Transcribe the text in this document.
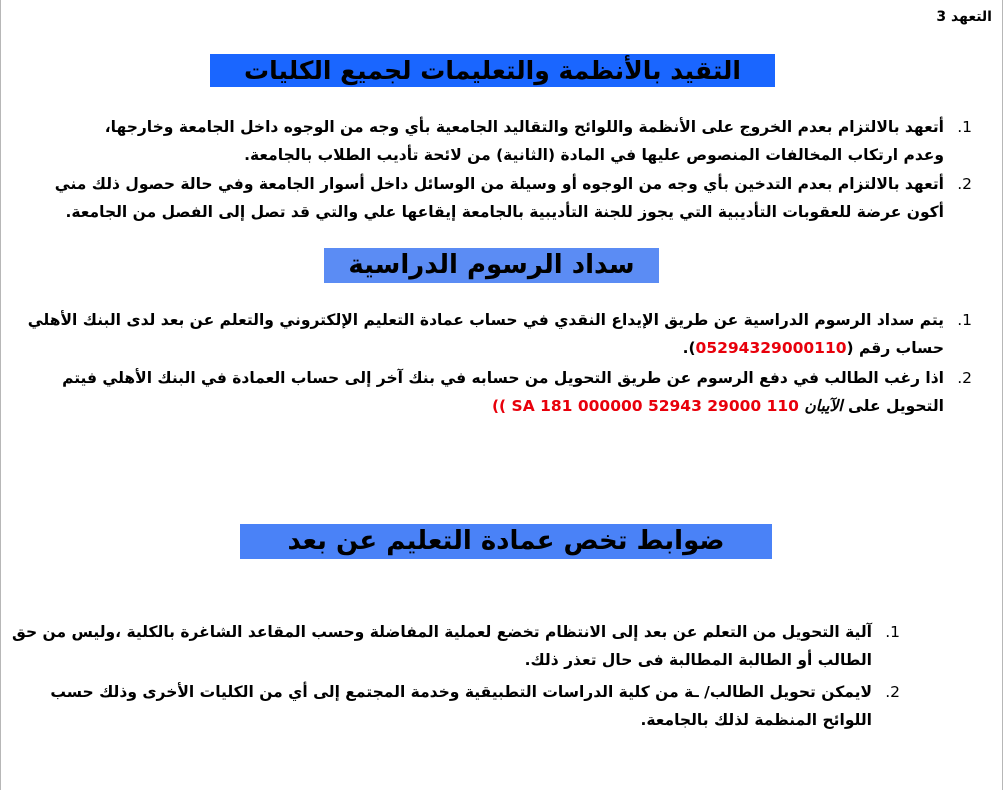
التعهد 3
التقيد بالأنظمة والتعليمات لجميع الكليات
.1
أتعهد بالالتزام بعدم الخروج على الأنظمة واللوائح والتقاليد الجامعية بأي وجه من الوجوه داخل الجامعة وخارجها،
وعدم ارتكاب المخالفات المنصوص عليها في المادة (الثانية) من لائحة تأديب الطلاب بالجامعة.
.2
أتعهد بالالتزام بعدم التدخين بأي وجه من الوجوه أو وسيلة من الوسائل داخل أسوار الجامعة وفي حالة حصول ذلك مني
أكون عرضة للعقوبات التأديبية التي يجوز للجنة التأديبية بالجامعة إيقاعها علي والتي قد تصل إلى الفصل من الجامعة.
سداد الرسوم الدراسية
.1
يتم سداد الرسوم الدراسية عن طريق الإيداع النقدي في حساب عمادة التعليم الإلكتروني والتعلم عن بعد لدى البنك الأهلي
حساب رقم (05294329000110).
.2
اذا رغب الطالب في دفع الرسوم عن طريق التحويل من حسابه في بنك آخر إلى حساب العمادة في البنك الأهلي فيتم
التحويل على الآيبان ( SA 181 000000 52943 29000 110)
ضوابط تخص عمادة التعليم عن بعد
.1
آلية التحويل من التعلم عن بعد إلى الانتظام تخضع لعملية المفاضلة وحسب المقاعد الشاغرة بالكلية ،وليس من حق
الطالب أو الطالبة المطالبة فى حال تعذر ذلك.
.2
لايمكن تحويل الطالب/ ـة من كلية الدراسات التطبيقية وخدمة المجتمع إلى أي من الكليات الأخرى وذلك حسب
اللوائح المنظمة لذلك بالجامعة.
